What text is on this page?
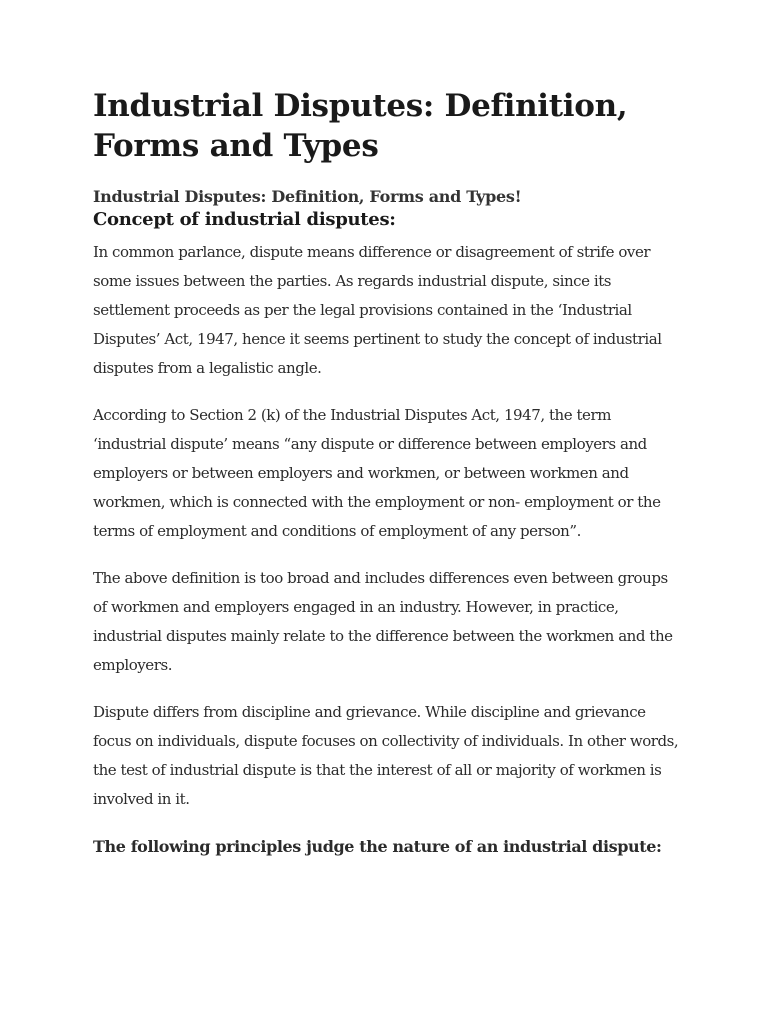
Industrial Disputes: Definition, Forms and Types
Industrial Disputes: Definition, Forms and Types!
Concept of industrial disputes:

In common parlance, dispute means difference or disagreement of strife over some issues between the parties. As regards industrial dispute, since its settlement proceeds as per the legal provisions contained in the ‘Industrial Disputes’ Act, 1947, hence it seems pertinent to study the concept of industrial disputes from a legalistic angle.

According to Section 2 (k) of the Industrial Disputes Act, 1947, the term ‘industrial dispute’ means “any dispute or difference between employers and employers or between employers and workmen, or between workmen and workmen, which is connected with the employment or non- employment or the terms of employment and conditions of employment of any person”.

The above definition is too broad and includes differences even between groups of workmen and employers engaged in an industry. However, in practice, industrial disputes mainly relate to the difference between the workmen and the employers.

Dispute differs from discipline and grievance. While discipline and grievance focus on individuals, dispute focuses on collectivity of individuals. In other words, the test of industrial dispute is that the interest of all or majority of workmen is involved in it.

The following principles judge the nature of an industrial dispute:
